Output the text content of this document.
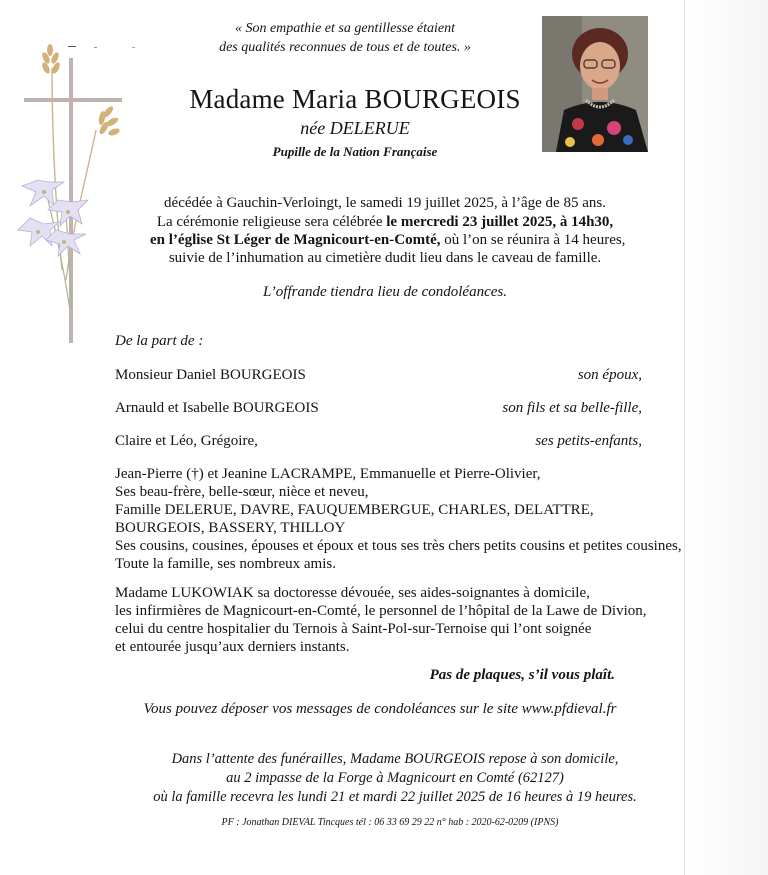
« Son empathie et sa gentillesse étaient
des qualités reconnues de tous et de toutes. »
Madame Maria BOURGEOIS
née DELERUE
Pupille de la Nation Française
décédée à Gauchin-Verloingt, le samedi 19 juillet 2025, à l’âge de 85 ans.
La cérémonie religieuse sera célébrée le mercredi 23 juillet 2025, à 14h30,
en l’église St Léger de Magnicourt-en-Comté, où l’on se réunira à 14 heures,
suivie de l’inhumation au cimetière dudit lieu dans le caveau de famille.
L’offrande tiendra lieu de condoléances.
De la part de :
Monsieur Daniel BOURGEOIS	son époux,
Arnauld et Isabelle BOURGEOIS	son fils et sa belle-fille,
Claire et Léo, Grégoire,	ses petits-enfants,
Jean-Pierre (†) et Jeanine LACRAMPE, Emmanuelle et Pierre-Olivier,
Ses beau-frère, belle-sœur, nièce et neveu,
Famille DELERUE, DAVRE, FAUQUEMBERGUE, CHARLES, DELATTRE,
BOURGEOIS, BASSERY, THILLOY
Ses cousins, cousines, épouses et époux et tous ses très chers petits cousins et petites cousines,
Toute la famille, ses nombreux amis.
Madame LUKOWIAK sa doctoresse dévouée, ses aides-soignantes à domicile,
les infirmières de Magnicourt-en-Comté, le personnel de l’hôpital de la Lawe de Divion,
celui du centre hospitalier du Ternois à Saint-Pol-sur-Ternoise qui l’ont soignée
et entourée jusqu’aux derniers instants.
Pas de plaques, s’il vous plaît.
Vous pouvez déposer vos messages de condoléances sur le site www.pfdieval.fr
Dans l’attente des funérailles, Madame BOURGEOIS repose à son domicile,
au 2 impasse de la Forge à Magnicourt en Comté (62127)
où la famille recevra les lundi 21 et mardi 22 juillet 2025 de 16 heures à 19 heures.
PF : Jonathan DIEVAL Tincques tél : 06 33 69 29 22 n° hab : 2020-62-0209 (IPNS)
